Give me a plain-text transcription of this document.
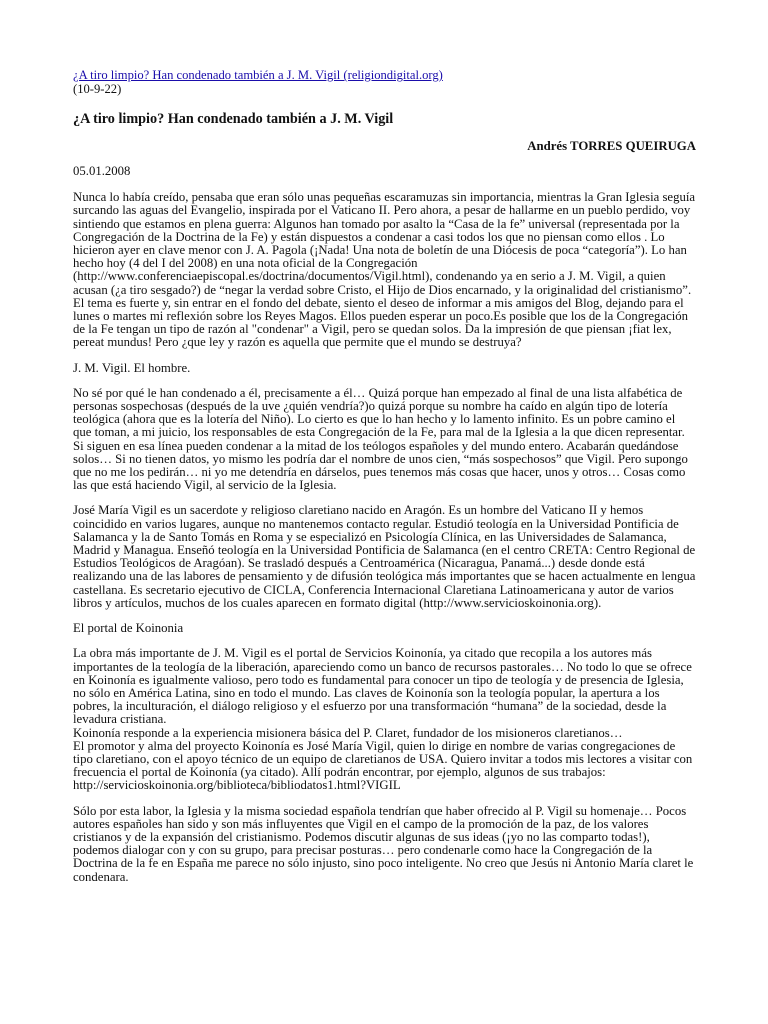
¿A tiro limpio? Han condenado también a J. M. Vigil (religiondigital.org)
(10-9-22)
¿A tiro limpio? Han condenado también a J. M. Vigil
Andrés TORRES QUEIRUGA

05.01.2008

Nunca lo había creído, pensaba que eran sólo unas pequeñas escaramuzas sin importancia, mientras la Gran Iglesia seguía surcando las aguas del Evangelio, inspirada por el Vaticano II. Pero ahora, a pesar de hallarme en un pueblo perdido, voy sintiendo que estamos en plena guerra: Algunos han tomado por asalto la “Casa de la fe” universal (representada por la Congregación de la Doctrina de la Fe) y están dispuestos a condenar a casi todos los que no piensan como ellos . Lo hicieron ayer en clave menor con J. A. Pagola (¡Nada! Una nota de boletín de una Diócesis de poca “categoría”). Lo han hecho hoy (4 del I del 2008) en una nota oficial de la Congregación (http://www.conferenciaepiscopal.es/doctrina/documentos/Vigil.html), condenando ya en serio a J. M. Vigil, a quien acusan (¿a tiro sesgado?) de “negar la verdad sobre Cristo, el Hijo de Dios encarnado, y la originalidad del cristianismo”. El tema es fuerte y, sin entrar en el fondo del debate, siento el deseo de informar a mis amigos del Blog, dejando para el lunes o martes mi reflexión sobre los Reyes Magos. Ellos pueden esperar un poco.Es posible que los de la Congregación de la Fe tengan un tipo de razón al "condenar" a Vigil, pero se quedan solos. Da la impresión de que piensan ¡fiat lex, pereat mundus! Pero ¿que ley y razón es aquella que permite que el mundo se destruya?

J. M. Vigil. El hombre.

No sé por qué le han condenado a él, precisamente a él… Quizá porque han empezado al final de una lista alfabética de personas sospechosas (después de la uve ¿quién vendría?)o quizá porque su nombre ha caído en algún tipo de lotería teológica (ahora que es la lotería del Niño). Lo cierto es que lo han hecho y lo lamento infinito. Es un pobre camino el que toman, a mi juicio, los responsables de esta Congregación de la Fe, para mal de la Iglesia a la que dicen representar. Si siguen en esa línea pueden condenar a la mitad de los teólogos españoles y del mundo entero. Acabarán quedándose solos… Si no tienen datos, yo mismo les podría dar el nombre de unos cien, “más sospechosos” que Vigil. Pero supongo que no me los pedirán… ni yo me detendría en dárselos, pues tenemos más cosas que hacer, unos y otros… Cosas como las que está haciendo Vigil, al servicio de la Iglesia.

José María Vigil es un sacerdote y religioso claretiano nacido en Aragón. Es un hombre del Vaticano II y hemos coincidido en varios lugares, aunque no mantenemos contacto regular. Estudió teología en la Universidad Pontificia de Salamanca y la de Santo Tomás en Roma y se especializó en Psicología Clínica, en las Universidades de Salamanca, Madrid y Managua. Enseñó teología en la Universidad Pontificia de Salamanca (en el centro CRETA: Centro Regional de Estudios Teológicos de Aragóan). Se trasladó después a Centroamérica (Nicaragua, Panamá...) desde donde está realizando una de las labores de pensamiento y de difusión teológica más importantes que se hacen actualmente en lengua castellana. Es secretario ejecutivo de CICLA, Conferencia Internacional Claretiana Latinoamericana y autor de varios libros y artículos, muchos de los cuales aparecen en formato digital (http://www.servicioskoinonia.org).

El portal de Koinonia

La obra más importante de J. M. Vigil es el portal de Servicios Koinonía, ya citado que recopila a los autores más importantes de la teología de la liberación, apareciendo como un banco de recursos pastorales… No todo lo que se ofrece en Koinonía es igualmente valioso, pero todo es fundamental para conocer un tipo de teología y de presencia de Iglesia, no sólo en América Latina, sino en todo el mundo. Las claves de Koinonía son la teología popular, la apertura a los pobres, la inculturación, el diálogo religioso y el esfuerzo por una transformación “humana” de la sociedad, desde la levadura cristiana.

Koinonía responde a la experiencia misionera básica del P. Claret, fundador de los misioneros claretianos…

El promotor y alma del proyecto Koinonía es José María Vigil, quien lo dirige en nombre de varias congregaciones de tipo claretiano, con el apoyo técnico de un equipo de claretianos de USA. Quiero invitar a todos mis lectores a visitar con frecuencia el portal de Koinonía (ya citado). Allí podrán encontrar, por ejemplo, algunos de sus trabajos: http://servicioskoinonia.org/biblioteca/bibliodatos1.html?VIGIL

Sólo por esta labor, la Iglesia y la misma sociedad española tendrían que haber ofrecido al P. Vigil su homenaje… Pocos autores españoles han sido y son más influyentes que Vigil en el campo de la promoción de la paz, de los valores cristianos y de la expansión del cristianismo. Podemos discutir algunas de sus ideas (¡yo no las comparto todas!), podemos dialogar con y con su grupo, para precisar posturas… pero condenarle como hace la Congregación de la Doctrina de la fe en España me parece no sólo injusto, sino poco inteligente. No creo que Jesús ni Antonio María claret le condenara.
